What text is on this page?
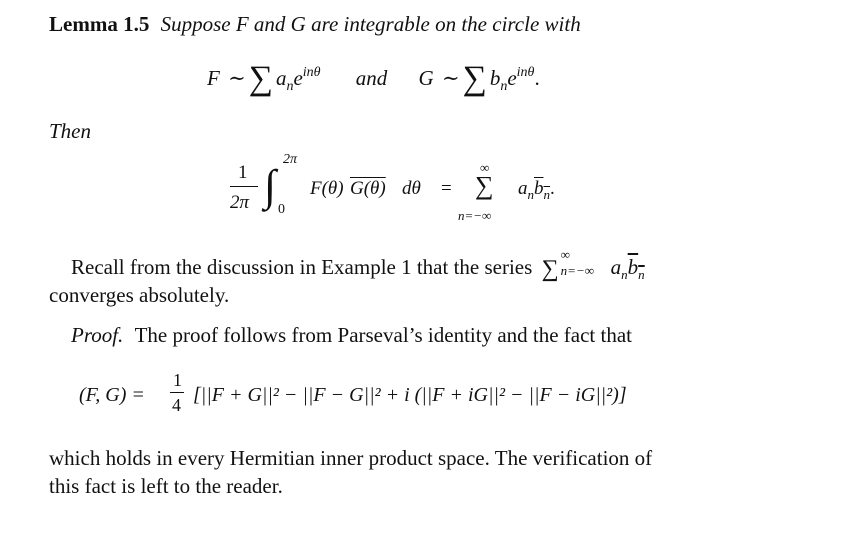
Lemma 1.5 Suppose F and G are integrable on the circle with
F ∼∑ $a_ne^{in\theta}$ and G ∼∑ $b_ne^{in\theta}$.
Then
1
2π ∫
2π
0
F(θ) G(θ) dθ =
∞
∑
n=−∞
$a_nb_n$.
Recall from the discussion in Example 1 that the series ∑
∞
n=−∞ $a_nb_n$
converges absolutely.
Proof. The proof follows from Parseval’s identity and the fact that
(F, G) =
1
4 [||F + G||² − ||F − G||² + i (||F + iG||² − ||F − iG||²)]
which holds in every Hermitian inner product space. The verification of
this fact is left to the reader.
